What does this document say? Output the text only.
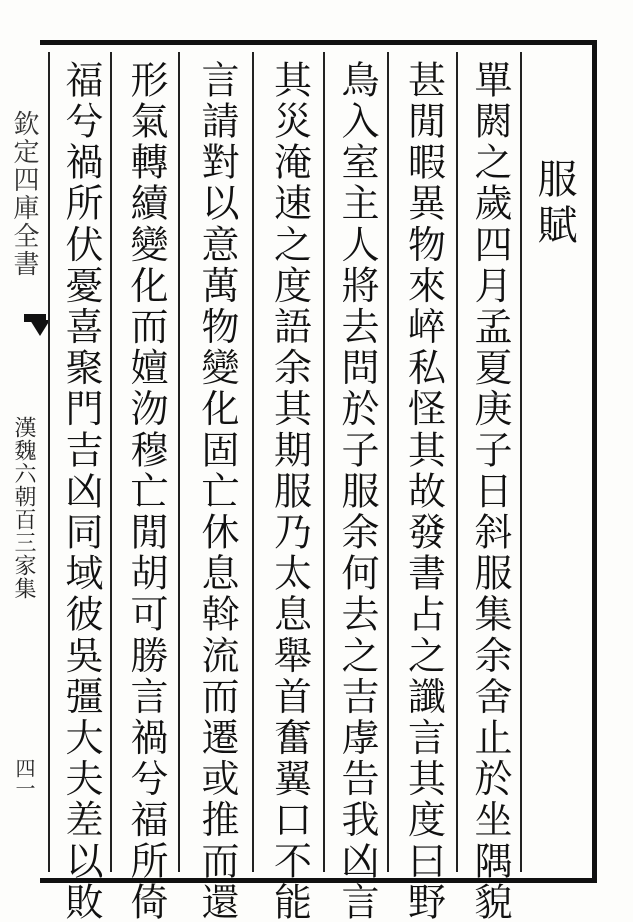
欽定四庫全書
漢魏六朝百三家集
四一
服賦
單閼之歲四月孟夏庚子日斜服集余舍止於坐隅貌
甚閒暇異物來崪私怪其故發書占之讖言其度曰野
鳥入室主人將去問於子服余何去之吉虖告我凶言
其災淹速之度語余其期服乃太息舉首奮翼口不能
言請對以意萬物變化固亡休息斡流而遷或推而還
形氣轉續變化而嬗沕穆亡閒胡可勝言禍兮福所倚
福兮禍所伏憂喜聚門吉凶同域彼吳彊大夫差以敗
